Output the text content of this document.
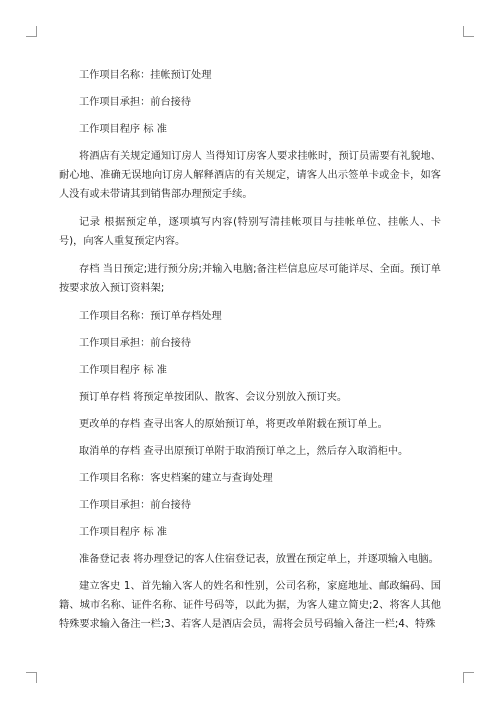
工作项目名称：挂帐预订处理

工作项目承担：前台接待

工作项目程序 标 准

将酒店有关规定通知订房人 当得知订房客人要求挂帐时，预订员需要有礼貌地、耐心地、准确无误地向订房人解释酒店的有关规定，请客人出示签单卡或金卡，如客人没有或未带请其到销售部办理预定手续。

记录 根据预定单，逐项填写内容(特别写清挂帐项目与挂帐单位、挂帐人、卡号)，向客人重复预定内容。

存档 当日预定;进行预分房;并输入电脑;备注栏信息应尽可能详尽、全面。预订单按要求放入预订资料架;

工作项目名称：预订单存档处理

工作项目承担：前台接待

工作项目程序 标 准

预订单存档 将预定单按团队、散客、会议分别放入预订夹。

更改单的存档 查寻出客人的原始预订单，将更改单附载在预订单上。

取消单的存档 查寻出原预订单附于取消预订单之上，然后存入取消柜中。

工作项目名称：客史档案的建立与查询处理

工作项目承担：前台接待

工作项目程序 标 准

准备登记表 将办理登记的客人住宿登记表，放置在预定单上，并逐项输入电脑。

建立客史 1、首先输入客人的姓名和性别，公司名称，家庭地址、邮政编码、国籍、城市名称、证件名称、证件号码等，以此为据，为客人建立简史;2、将客人其他特殊要求输入备注一栏;3、若客人是酒店会员，需将会员号码输入备注一栏;4、特殊
